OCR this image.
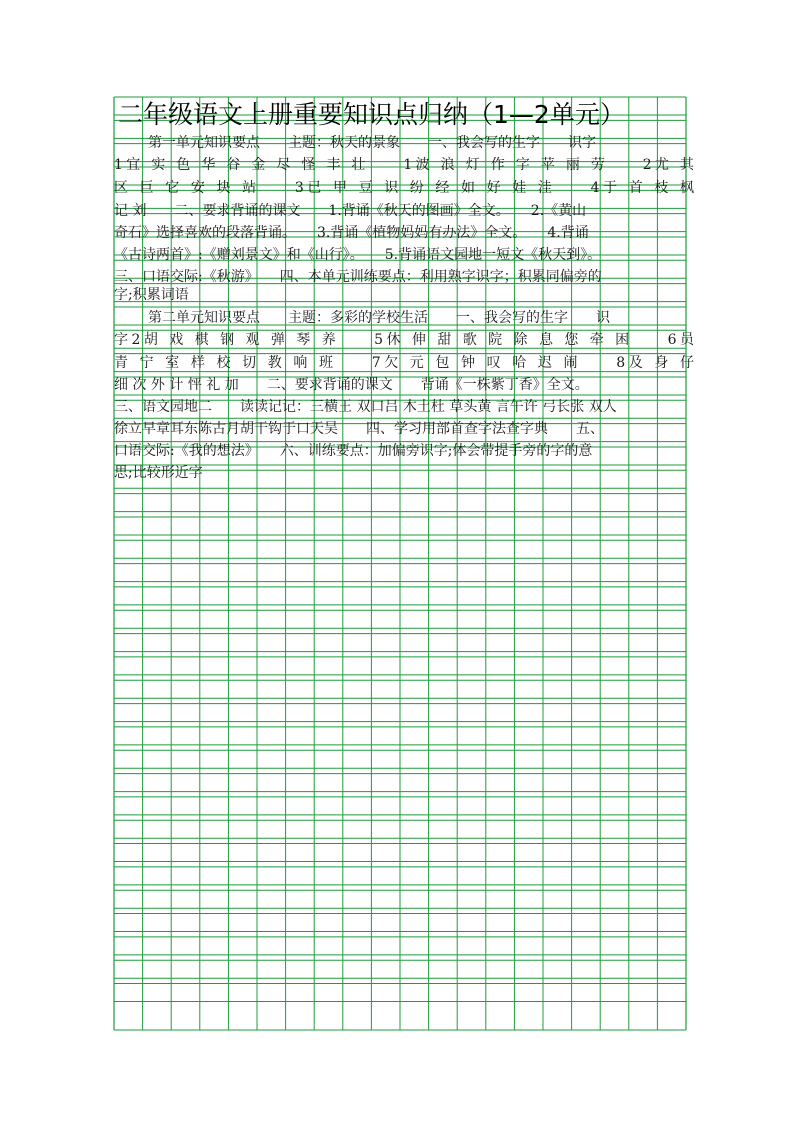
二年级语文上册重要知识点归纳（1—2单元）
第一单元知识要点　　主题：秋天的景象　　一、我会写的生字　　识字
1宜 实 色 华 谷 金 尽 怪 丰 壮　　1波 浪 灯 作 字 苹 丽 劳　　2尤 其
区 巨 它 安 块 站　　3已 甲 豆 识 纷 经 如 好 娃 洼　　4于 首 枝 枫
记 刘　　二、要求背诵的课文　　1.背诵《秋天的图画》全文。　　2.《黄山
奇石》选择喜欢的段落背诵。　　3.背诵《植物妈妈有办法》全文。　　4.背诵
《古诗两首》:《赠刘景文》和《山行》。　　5.背诵语文园地一短文《秋天到》。
三、口语交际:《秋游》　　四、本单元训练要点：利用熟字识字；积累同偏旁的
字;积累词语
第二单元知识要点　　主题：多彩的学校生活　　一、我会写的生字　　识
字2胡 戏 棋 钢 观 弹 琴 养　　5休 伸 甜 歌 院 除 息 您 牵 困　　6员
青 宁 室 样 校 切 教 响 班　　7欠 元 包 钟 叹 哈 迟 闹　　8及 身 仔
细 次 外 计 怦 礼 加　　二、要求背诵的课文　　背诵《一株紫丁香》全文。
三、语文园地二　　读读记记：三横王 双口吕 木土杜 草头黄 言午许 弓长张 双人
徐立早章耳东陈古月胡干钩于口天吴　　四、学习用部首查字法查字典　　五、
口语交际:《我的想法》　　六、训练要点：加偏旁识字;体会带提手旁的字的意
思;比较形近字
